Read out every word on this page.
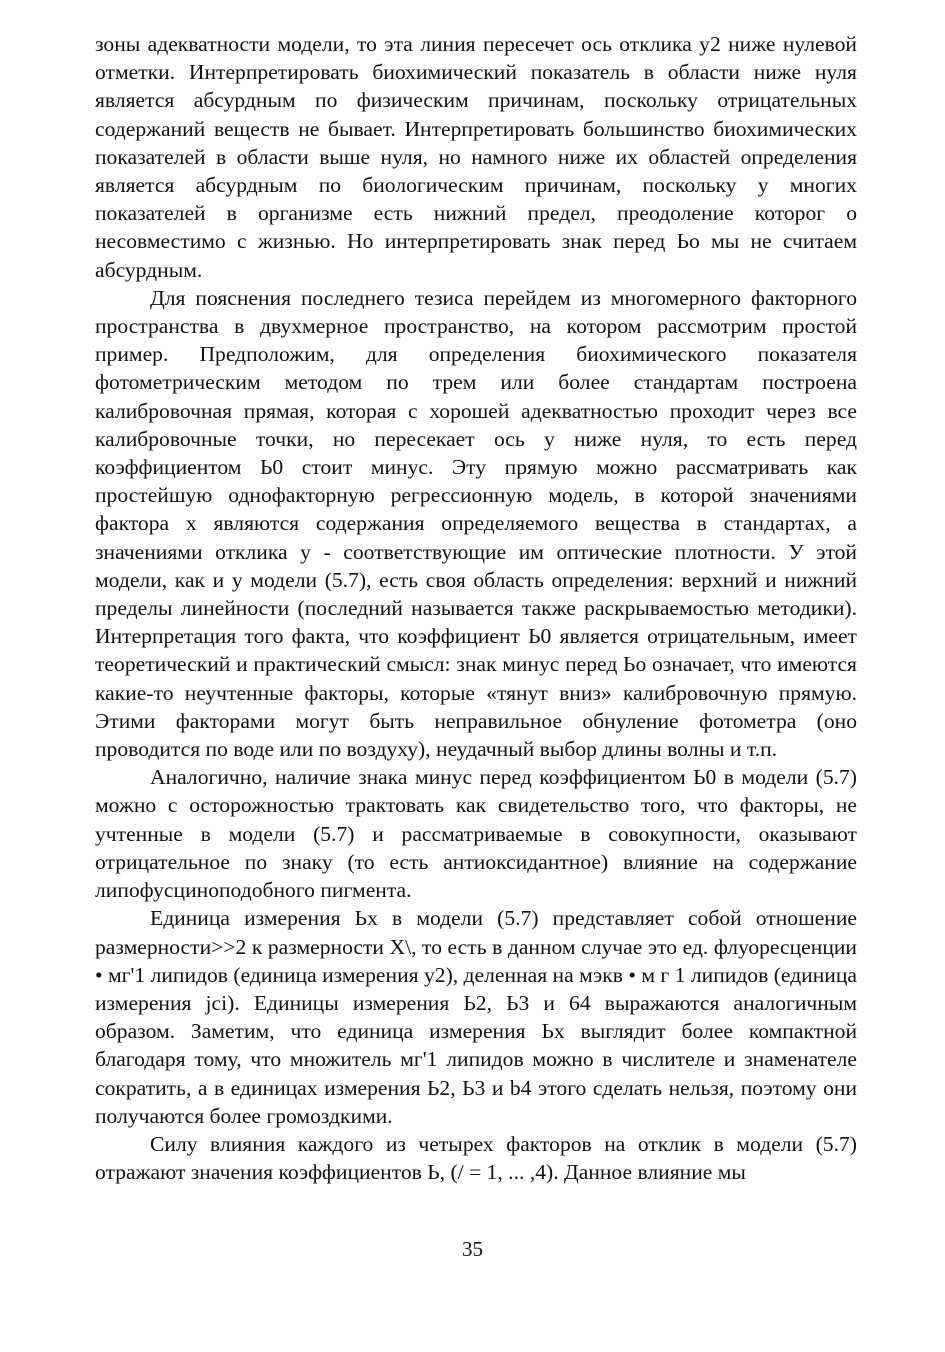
зоны адекватности модели, то эта линия пересечет ось отклика y2 ниже нулевой отметки. Интерпретировать биохимический показатель в области ниже нуля является абсурдным по физическим причинам, поскольку отрицательных содержаний веществ не бывает. Интерпретировать большинство биохимических показателей в области выше нуля, но намного ниже их областей определения является абсурдным по биологическим причинам, поскольку у многих показателей в организме есть нижний предел, преодоление которог о несовместимо с жизнью. Но интерпретировать знак перед Ьо мы не считаем абсурдным.

Для пояснения последнего тезиса перейдем из многомерного факторного пространства в двухмерное пространство, на котором рассмотрим простой пример. Предположим, для определения биохимического показателя фотометрическим методом по трем или более стандартам построена калибровочная прямая, которая с хорошей адекватностью проходит через все калибровочные точки, но пересекает ось y ниже нуля, то есть перед коэффициентом Ь0 стоит минус. Эту прямую можно рассматривать как простейшую однофакторную регрессионную модель, в которой значениями фактора x являются содержания определяемого вещества в стандартах, а значениями отклика y - соответствующие им оптические плотности. У этой модели, как и у модели (5.7), есть своя область определения: верхний и нижний пределы линейности (последний называется также раскрываемостью методики). Интерпретация того факта, что коэффициент Ь0 является отрицательным, имеет теоретический и практический смысл: знак минус перед Ьо означает, что имеются какие-то неучтенные факторы, которые «тянут вниз» калибровочную прямую. Этими факторами могут быть неправильное обнуление фотометра (оно проводится по воде или по воздуху), неудачный выбор длины волны и т.п.

Аналогично, наличие знака минус перед коэффициентом Ь0 в модели (5.7) можно с осторожностью трактовать как свидетельство того, что факторы, не учтенные в модели (5.7) и рассматриваемые в совокупности, оказывают отрицательное по знаку (то есть антиоксидантное) влияние на содержание липофусциноподобного пигмента.

Единица измерения Ьх в модели (5.7) представляет собой отношение размерности>>2 к размерности Х\, то есть в данном случае это ед. флуоресценции • мг'1 липидов (единица измерения у2), деленная на мэкв • м г 1 липидов (единица измерения jсі). Единицы измерения Ь2, Ь3 и 64 выражаются аналогичным образом. Заметим, что единица измерения Ьх выглядит более компактной благодаря тому, что множитель мг'1 липидов можно в числителе и знаменателе сократить, а в единицах измерения Ь2, Ь3 и b4 этого сделать нельзя, поэтому они получаются более громоздкими.

Силу влияния каждого из четырех факторов на отклик в модели (5.7) отражают значения коэффициентов Ь, (/ = 1, ... ,4). Данное влияние мы

35
